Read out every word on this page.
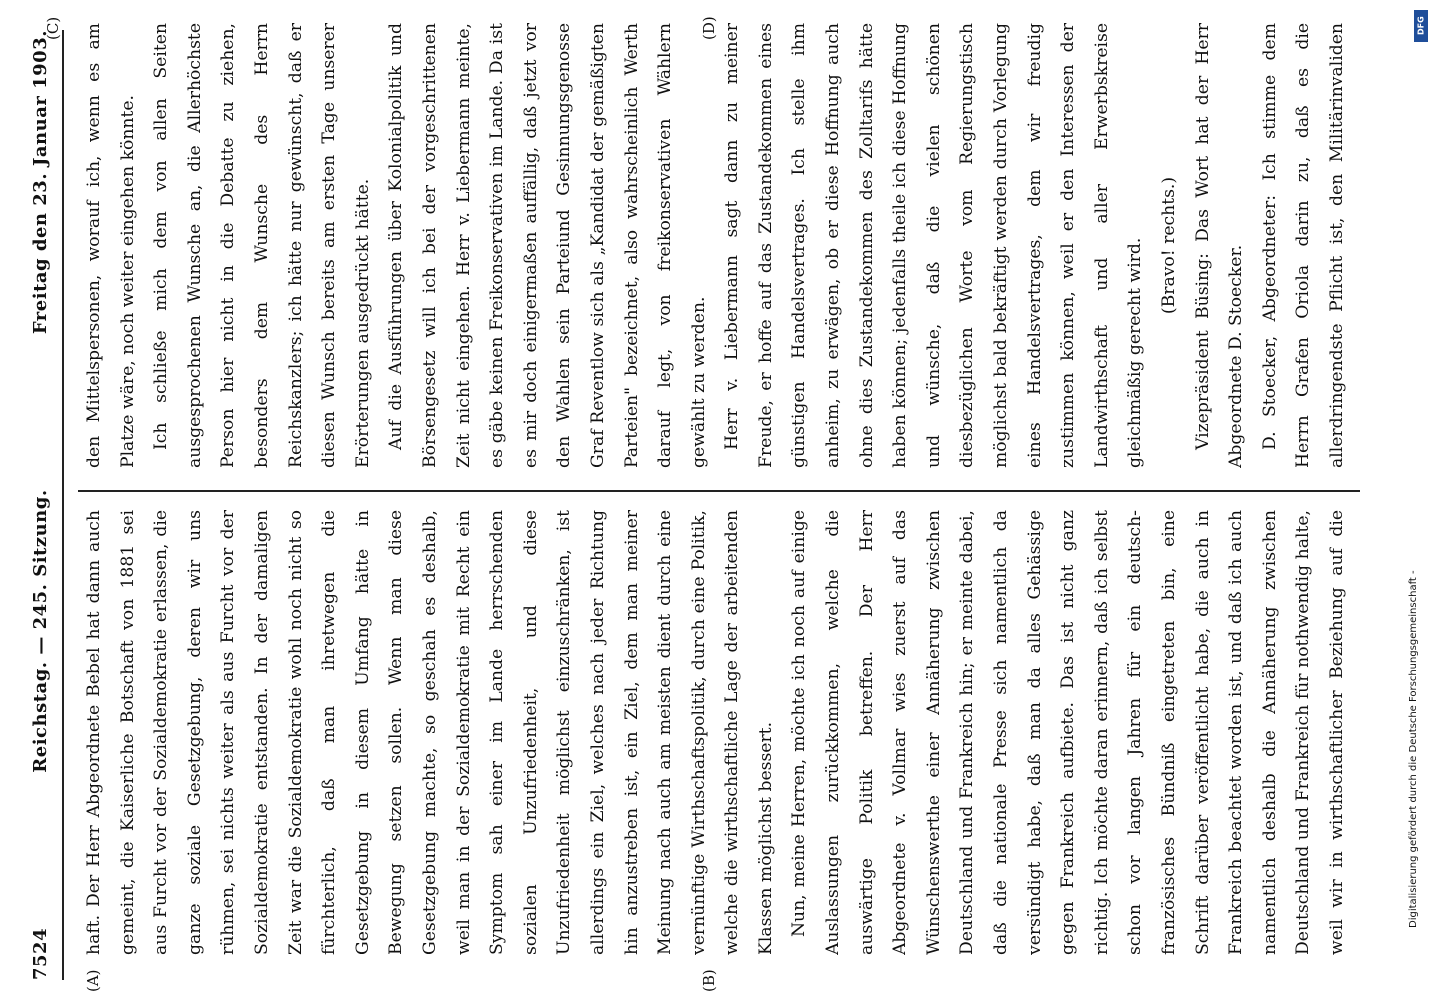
7524
Reichstag. — 245. Sitzung.
Freitag den 23. Januar 1903.
(A)	(B)
(C)	(D)

haft. Der Herr Abgeordnete Bebel hat dann auch gemeint, die Kaiserliche Botschaft von 1881 sei aus Furcht vor der Sozialdemokratie erlassen, die ganze soziale Gesetzgebung, deren wir uns rühmen, sei nichts weiter als aus Furcht vor der Sozialdemokratie entstanden. In der damaligen Zeit war die Sozialdemokratie wohl noch nicht so fürchterlich, daß man ihretwegen die Gesetzgebung in diesem Umfang hätte in Bewegung setzen sollen. Wenn man diese Gesetzgebung machte, so geschah es deshalb, weil man in der Sozialdemokratie mit Recht ein Symptom sah einer im Lande herrschenden sozialen Unzufriedenheit, und diese Unzufriedenheit möglichst einzuschränken, ist allerdings ein Ziel, welches nach jeder Richtung hin anzustreben ist, ein Ziel, dem man meiner Meinung nach auch am meisten dient durch eine vernünftige Wirthschaftspolitik, durch eine Politik, welche die wirthschaftliche Lage der arbeitenden Klassen möglichst bessert. Nun, meine Herren, möchte ich noch auf einige Auslassungen zurückkommen, welche die auswärtige Politik betreffen. Der Herr Abgeordnete v. Vollmar wies zuerst auf das Wünschenswerthe einer Annäherung zwischen Deutschland und Frankreich hin; er meinte dabei, daß die nationale Presse sich namentlich da versündigt habe, daß man da alles Gehässige gegen Frankreich aufbiete. Das ist nicht ganz richtig. Ich möchte daran erinnern, daß ich selbst schon vor langen Jahren für ein deutsch-französisches Bündniß eingetreten bin, eine Schrift darüber veröffentlicht habe, die auch in Frankreich beachtet worden ist, und daß ich auch namentlich deshalb die Annäherung zwischen Deutschland und Frankreich für nothwendig halte, weil wir in wirthschaftlicher Beziehung auf die

den Mittelspersonen, worauf ich, wenn es am Platze wäre, noch weiter eingehen könnte. Ich schließe mich dem von allen Seiten ausgesprochenen Wunsche an, die Allerhöchste Person hier nicht in die Debatte zu ziehen, besonders dem Wunsche des Herrn Reichskanzlers; ich hätte nur gewünscht, daß er diesen Wunsch bereits am ersten Tage unserer Erörterungen ausgedrückt hätte. Auf die Ausführungen über Kolonialpolitik und Börsengesetz will ich bei der vorgeschrittenen Zeit nicht eingehen. Herr v. Liebermann meinte, es gäbe keinen Freikonservativen im Lande. Da ist es mir doch einigermaßen auffällig, daß jetzt vor den Wahlen sein Parteiund Gesinnungsgenosse Graf Reventlow sich als „Kandidat der gemäßigten Parteien" bezeichnet, also wahrscheinlich Werth darauf legt, von freikonservativen Wählern gewählt zu werden. Herr v. Liebermann sagt dann zu meiner Freude, er hoffe auf das Zustandekommen eines günstigen Handelsvertrages. Ich stelle ihm anheim, zu erwägen, ob er diese Hoffnung auch ohne dies Zustandekommen des Zolltarifs hätte haben können; jedenfalls theile ich diese Hoffnung und wünsche, daß die vielen schönen diesbezüglichen Worte vom Regierungstisch möglichst bald bekräftigt werden durch Vorlegung eines Handelsvertrages, dem wir freudig zustimmen können, weil er den Interessen der Landwirthschaft und aller Erwerbskreise gleichmäßig gerecht wird. (Bravo! rechts.) Vizepräsident Büsing: Das Wort hat der Herr Abgeordnete D. Stoecker. D. Stoecker, Abgeordneter: Ich stimme dem Herrn Grafen Oriola darin zu, daß es die allerdringendste Pflicht ist, den Militärinvaliden

Digitalisierung gefördert durch die Deutsche Forschungsgemeinschaft -
DFG
